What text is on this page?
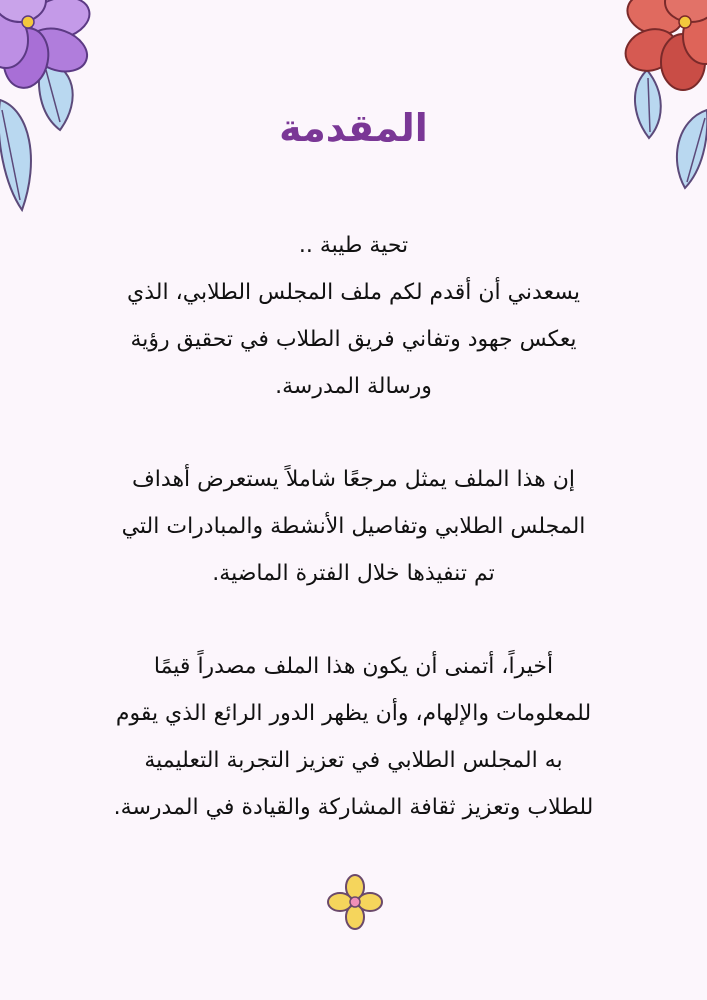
المقدمة
تحية طيبة ..
يسعدني أن أقدم لكم ملف المجلس الطلابي، الذي
يعكس جهود وتفاني فريق الطلاب في تحقيق رؤية
ورسالة المدرسة.
إن هذا الملف يمثل مرجعًا شاملاً يستعرض أهداف
المجلس الطلابي وتفاصيل الأنشطة والمبادرات التي
تم تنفيذها خلال الفترة الماضية.
أخيراً، أتمنى أن يكون هذا الملف مصدراً قيمًا
للمعلومات والإلهام، وأن يظهر الدور الرائع الذي يقوم
به المجلس الطلابي في تعزيز التجربة التعليمية
للطلاب وتعزيز ثقافة المشاركة والقيادة في المدرسة.
